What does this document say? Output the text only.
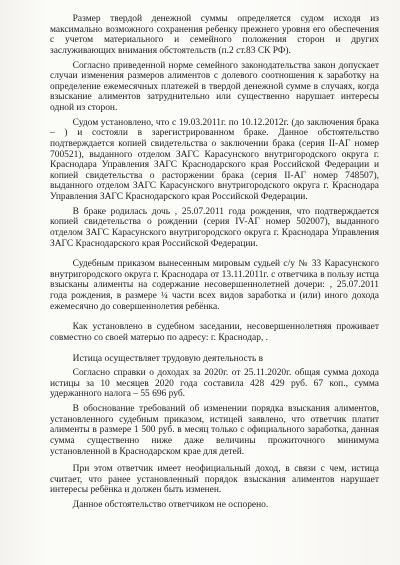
Размер твердой денежной суммы определяется судом исходя из максимально возможного сохранения ребенку прежнего уровня его обеспечения с учетом материального и семейного положения сторон и других заслуживающих внимания обстоятельств (п.2 ст.83 СК РФ).

Согласно приведенной норме семейного законодательства закон допускает случаи изменения размеров алиментов с долевого соотношения к заработку на определение ежемесячных платежей в твердой денежной сумме в случаях, когда взыскание алиментов затруднительно или существенно нарушает интересы одной из сторон.

Судом установлено, что с 19.03.2011г. по 10.12.2012г. (до заключения брака – ) и состояли в зарегистрированном браке. Данное обстоятельство подтверждается копией свидетельства о заключении брака (серия II-АГ номер 700521), выданного отделом ЗАГС Карасунского внутригородского округа г. Краснодара Управления ЗАГС Краснодарского края Российской Федерации и копией свидетельства о расторжении брака (серия II-АГ номер 748507), выданного отделом ЗАГС Карасунского внутригородского округа г. Краснодара Управления ЗАГС Краснодарского края Российской Федерации.

В браке родилась дочь , 25.07.2011 года рождения, что подтверждается копией свидетельства о рождении (серия IV-АГ номер 502007), выданного отделом ЗАГС Карасунского внутригородского округа г. Краснодара Управления ЗАГС Краснодарского края Российской Федерации.

Судебным приказом вынесенным мировым судьей с/у № 33 Карасунского внутригородского округа г. Краснодара от 13.11.2011г. с ответчика в пользу истца взысканы алименты на содержание несовершеннолетней дочери: , 25.07.2011 года рождения, в размере ¼ части всех видов заработка и (или) иного дохода ежемесячно до совершеннолетия ребёнка.

Как установлено в судебном заседании, несовершеннолетняя проживает совместно со своей матерью по адресу: г. Краснодар, .

Истица осуществляет трудовую деятельность в

Согласно справки о доходах за 2020г. от 25.11.2020г. общая сумма дохода истицы за 10 месяцев 2020 года составила 428 429 руб. 67 коп., сумма удержанного налога – 55 696 руб.

В обоснование требований об изменении порядка взыскания алиментов, установленного судебным приказом, истицей заявлено, что ответчик платит алименты в размере 1 500 руб. в месяц только с официального заработка, данная сумма существенно ниже даже величины прожиточного минимума установленной в Краснодарском крае для детей.

При этом ответчик имеет неофициальный доход, в связи с чем, истица считает, что ранее установленный порядок взыскания алиментов нарушает интересы ребёнка и должен быть изменен.

Данное обстоятельство ответчиком не оспорено.
